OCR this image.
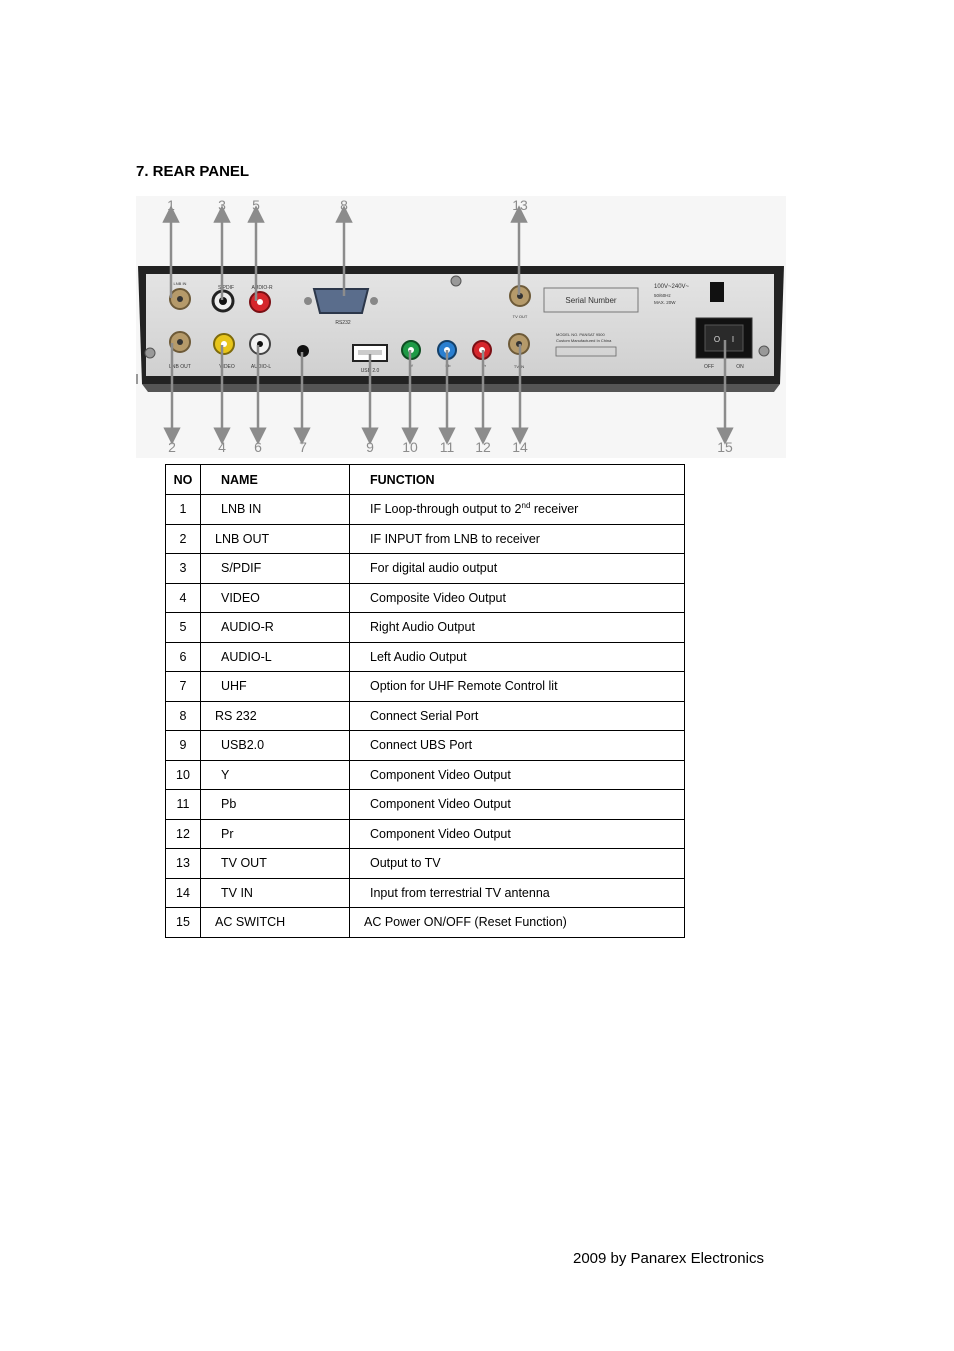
7. REAR PANEL
LNB IN
S/PDIF	AUDIO-R
RS232
TV OUT
Serial Number
100V~240V~
50/60Hz
MAX. 20W
LNB OUT	VIDEO	AUDIO-L
USB 2.0
Y	Pb	Pr	TV IN
MODEL NO. PANSAT 9500
Custom Manufactured In China	O I
OFF	ON
1	3 5	8	13
2	4 6	7	9 10 11 12 14	15
NO	NAME	FUNCTION
1	LNB IN	IF Loop-through output to 2nd receiver
2	LNB OUT	IF INPUT from LNB to receiver
3	S/PDIF	For digital audio output
4	VIDEO	Composite Video Output
5	AUDIO-R	Right Audio Output
6	AUDIO-L	Left Audio Output
7	UHF	Option for UHF Remote Control lit
8	RS 232	Connect Serial Port
9	USB2.0	Connect UBS Port
10	Y	Component Video Output
11	Pb	Component Video Output
12	Pr	Component Video Output
13	TV OUT	Output to TV
14	TV IN	Input from terrestrial TV antenna
15	AC SWITCH	AC Power ON/OFF (Reset Function)
2009 by Panarex Electronics
